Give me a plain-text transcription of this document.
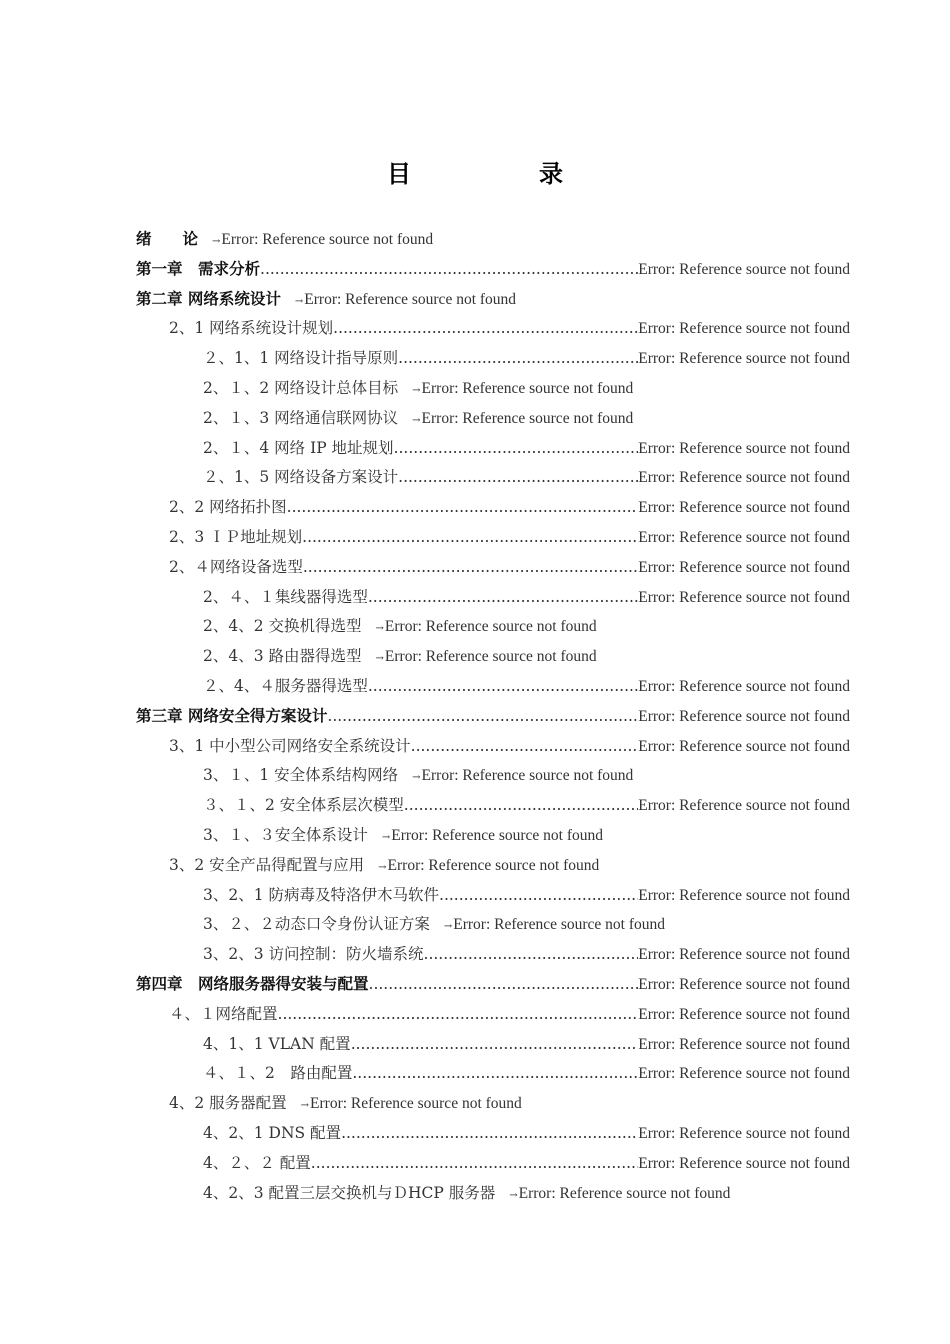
目　录
绪　　论 → Error: Reference source not found
第一章　需求分析 .....	Error: Reference source not found
第二章 网络系统设计 → Error: Reference source not found
2、1 网络系统设计规划 .....	Error: Reference source not found
２、1、1 网络设计指导原则 .....	Error: Reference source not found
2、１、2 网络设计总体目标 → Error: Reference source not found
2、１、3 网络通信联网协议 → Error: Reference source not found
2、１、4 网络 IP 地址规划 .....	Error: Reference source not found
２、1、5 网络设备方案设计 .....	Error: Reference source not found
2、2 网络拓扑图 .....	Error: Reference source not found
2、3 ＩＰ地址规划 .....	Error: Reference source not found
2、４网络设备选型 .....	Error: Reference source not found
2、４、１集线器得选型 .....	Error: Reference source not found
2、4、2 交换机得选型 → Error: Reference source not found
2、4、3 路由器得选型 → Error: Reference source not found
２、4、４服务器得选型 .....	Error: Reference source not found
第三章 网络安全得方案设计 .....	Error: Reference source not found
3、1 中小型公司网络安全系统设计 .....	Error: Reference source not found
3、１、1 安全体系结构网络 → Error: Reference source not found
３、１、2 安全体系层次模型 .....	Error: Reference source not found
3、１、３安全体系设计 → Error: Reference source not found
3、2 安全产品得配置与应用 → Error: Reference source not found
3、2、1 防病毒及特洛伊木马软件 .....	Error: Reference source not found
3、２、２动态口令身份认证方案 → Error: Reference source not found
3、2、3 访问控制：防火墙系统 .....	Error: Reference source not found
第四章　网络服务器得安装与配置 .....	Error: Reference source not found
４、１网络配置 .....	Error: Reference source not found
4、1、1 VLAN 配置 .....	Error: Reference source not found
４、１、2　路由配置 .....	Error: Reference source not found
4、2 服务器配置 → Error: Reference source not found
4、2、1 DNS 配置 .....	Error: Reference source not found
4、２、２ 配置 .....	Error: Reference source not found
4、2、3 配置三层交换机与ＤHCP 服务器 → Error: Reference source not found
